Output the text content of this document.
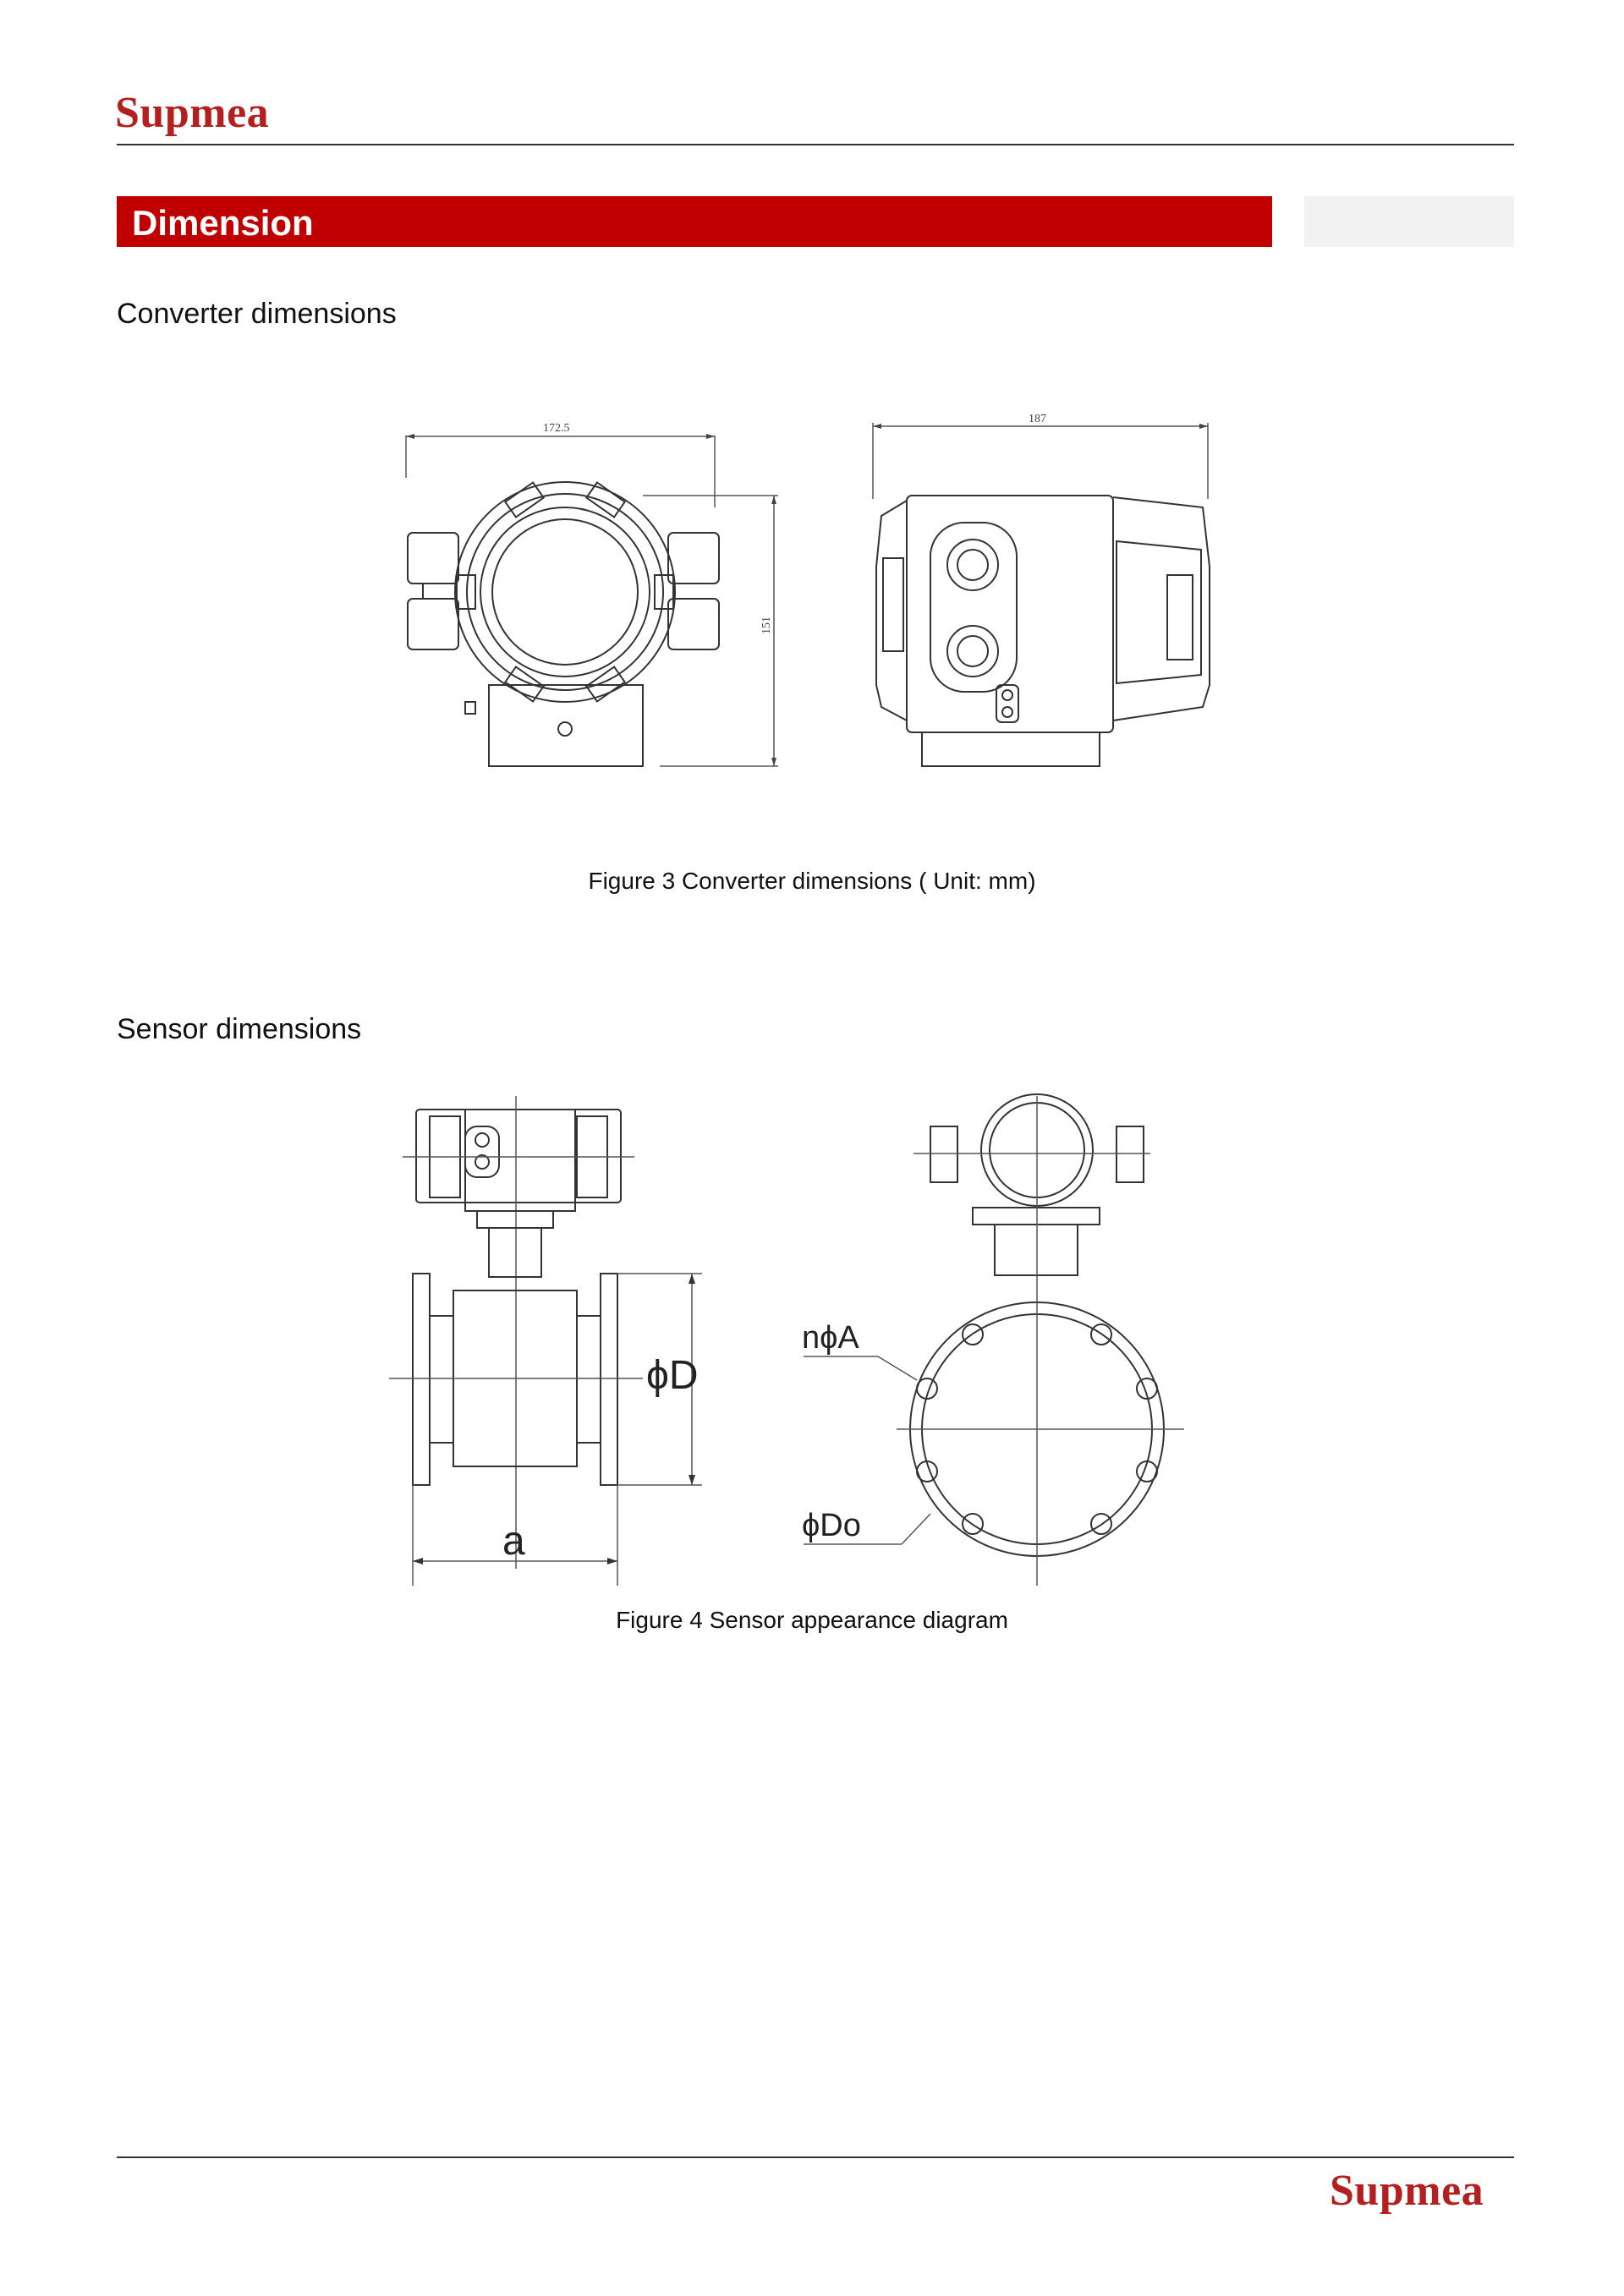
Supmea
Dimension
Converter dimensions
172.5
151
187
Figure 3 Converter dimensions ( Unit: mm)
Sensor dimensions
ϕD
a
nϕA
ϕDo
Figure 4 Sensor appearance diagram
Supmea
